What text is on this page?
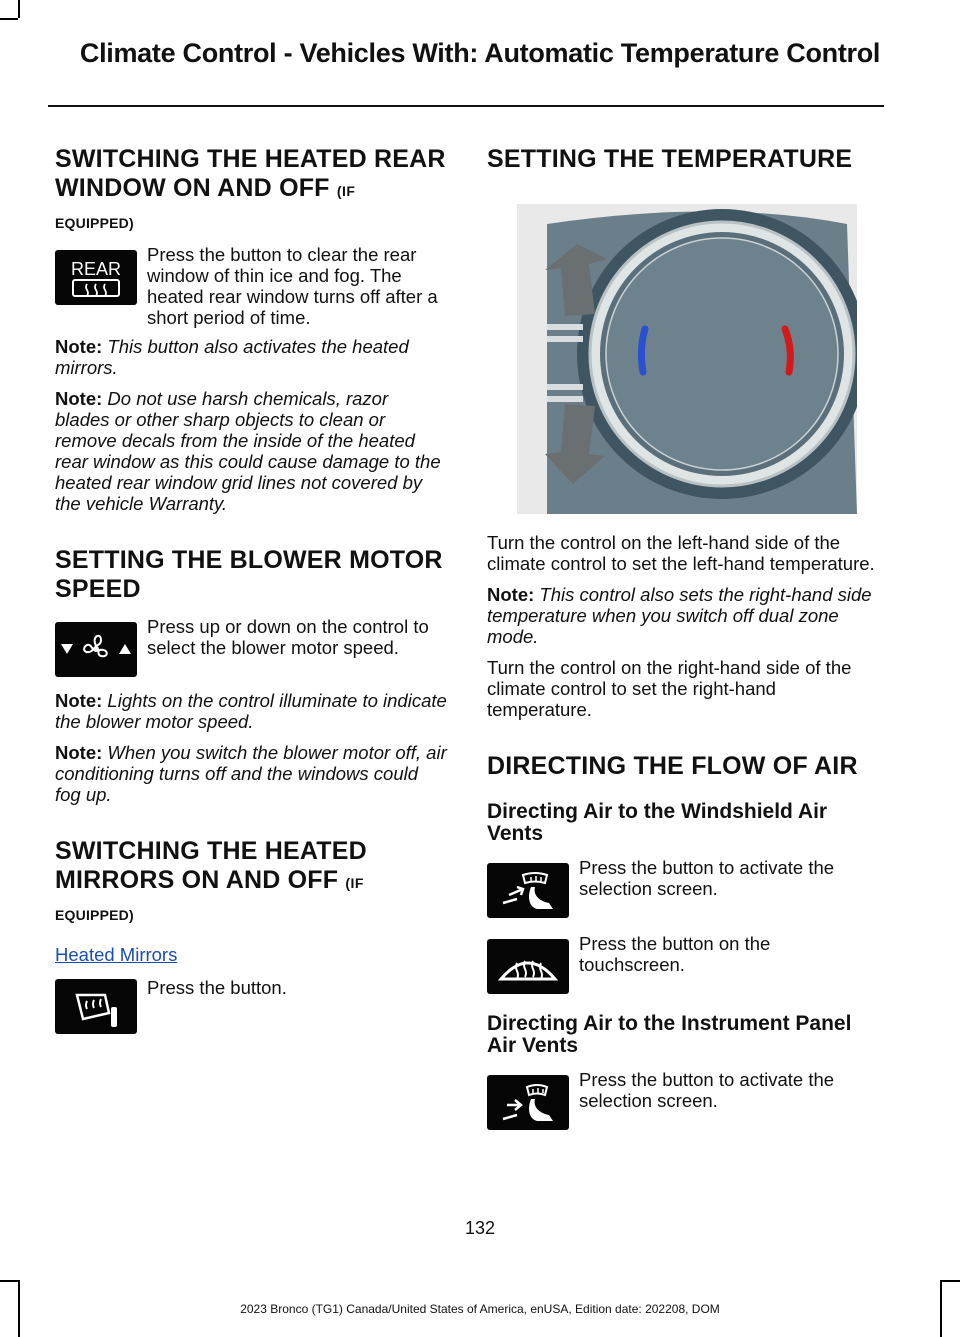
Climate Control - Vehicles With: Automatic Temperature Control
SWITCHING THE HEATED REAR WINDOW ON AND OFF (IF
EQUIPPED)
REAR
Press the button to clear the rear window of thin ice and fog. The heated rear window turns off after a short period of time.

Note: This button also activates the heated mirrors.

Note: Do not use harsh chemicals, razor blades or other sharp objects to clean or remove decals from the inside of the heated rear window as this could cause damage to the heated rear window grid lines not covered by the vehicle Warranty.

SETTING THE BLOWER MOTOR SPEED
Press up or down on the control to select the blower motor speed.

Note: Lights on the control illuminate to indicate the blower motor speed.

Note: When you switch the blower motor off, air conditioning turns off and the windows could fog up.

SWITCHING THE HEATED MIRRORS ON AND OFF (IF
EQUIPPED)
Heated Mirrors
Press the button.
SETTING THE TEMPERATURE

Turn the control on the left-hand side of the climate control to set the left-hand temperature.

Note: This control also sets the right-hand side temperature when you switch off dual zone mode.

Turn the control on the right-hand side of the climate control to set the right-hand temperature.

DIRECTING THE FLOW OF AIR
Directing Air to the Windshield Air Vents
Press the button to activate the selection screen.
Press the button on the touchscreen.
Directing Air to the Instrument Panel Air Vents
Press the button to activate the selection screen.
132
2023 Bronco (TG1) Canada/United States of America, enUSA, Edition date: 202208, DOM
